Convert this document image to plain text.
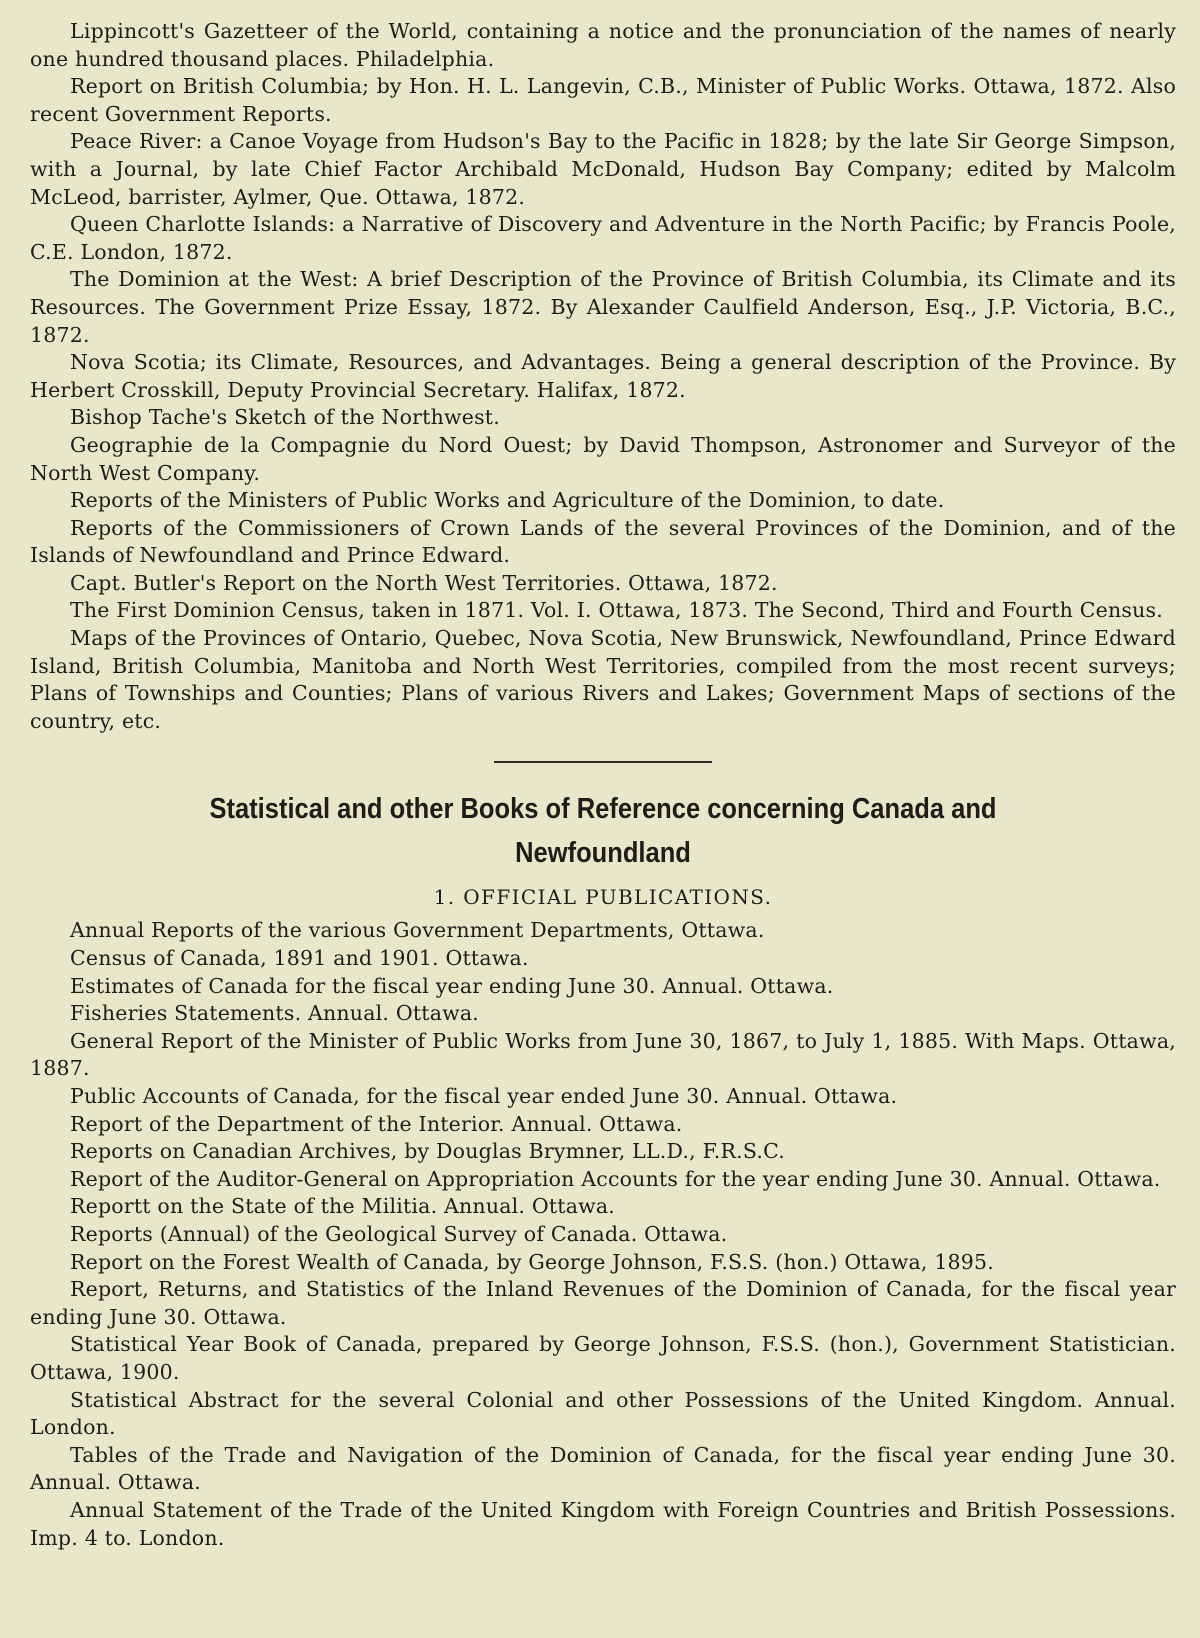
Lippincott's Gazetteer of the World, containing a notice and the pronunciation of the names of nearly one hundred thousand places. Philadelphia.

Report on British Columbia; by Hon. H. L. Langevin, C.B., Minister of Public Works. Ottawa, 1872. Also recent Government Reports.

Peace River: a Canoe Voyage from Hudson's Bay to the Pacific in 1828; by the late Sir George Simpson, with a Journal, by late Chief Factor Archibald McDonald, Hudson Bay Company; edited by Malcolm McLeod, barrister, Aylmer, Que. Ottawa, 1872.

Queen Charlotte Islands: a Narrative of Discovery and Adventure in the North Pacific; by Francis Poole, C.E. London, 1872.

The Dominion at the West: A brief Description of the Province of British Columbia, its Climate and its Resources. The Government Prize Essay, 1872. By Alexander Caulfield Anderson, Esq., J.P. Victoria, B.C., 1872.

Nova Scotia; its Climate, Resources, and Advantages. Being a general description of the Province. By Herbert Crosskill, Deputy Provincial Secretary. Halifax, 1872.

Bishop Tache's Sketch of the Northwest.

Geographie de la Compagnie du Nord Ouest; by David Thompson, Astronomer and Surveyor of the North West Company.

Reports of the Ministers of Public Works and Agriculture of the Dominion, to date.

Reports of the Commissioners of Crown Lands of the several Provinces of the Dominion, and of the Islands of Newfoundland and Prince Edward.

Capt. Butler's Report on the North West Territories. Ottawa, 1872.

The First Dominion Census, taken in 1871. Vol. I. Ottawa, 1873. The Second, Third and Fourth Census.

Maps of the Provinces of Ontario, Quebec, Nova Scotia, New Brunswick, Newfoundland, Prince Edward Island, British Columbia, Manitoba and North West Territories, compiled from the most recent surveys; Plans of Townships and Counties; Plans of various Rivers and Lakes; Government Maps of sections of the country, etc.

Statistical and other Books of Reference concerning Canada and
Newfoundland
1. OFFICIAL PUBLICATIONS.

Annual Reports of the various Government Departments, Ottawa.

Census of Canada, 1891 and 1901. Ottawa.

Estimates of Canada for the fiscal year ending June 30. Annual. Ottawa.

Fisheries Statements. Annual. Ottawa.

General Report of the Minister of Public Works from June 30, 1867, to July 1, 1885. With Maps. Ottawa, 1887.

Public Accounts of Canada, for the fiscal year ended June 30. Annual. Ottawa.

Report of the Department of the Interior. Annual. Ottawa.

Reports on Canadian Archives, by Douglas Brymner, LL.D., F.R.S.C.

Report of the Auditor-General on Appropriation Accounts for the year ending June 30. Annual. Ottawa.

Reportt on the State of the Militia. Annual. Ottawa.

Reports (Annual) of the Geological Survey of Canada. Ottawa.

Report on the Forest Wealth of Canada, by George Johnson, F.S.S. (hon.) Ottawa, 1895.

Report, Returns, and Statistics of the Inland Revenues of the Dominion of Canada, for the fiscal year ending June 30. Ottawa.

Statistical Year Book of Canada, prepared by George Johnson, F.S.S. (hon.), Government Statistician. Ottawa, 1900.

Statistical Abstract for the several Colonial and other Possessions of the United Kingdom. Annual. London.

Tables of the Trade and Navigation of the Dominion of Canada, for the fiscal year ending June 30. Annual. Ottawa.

Annual Statement of the Trade of the United Kingdom with Foreign Countries and British Possessions. Imp. 4 to. London.
